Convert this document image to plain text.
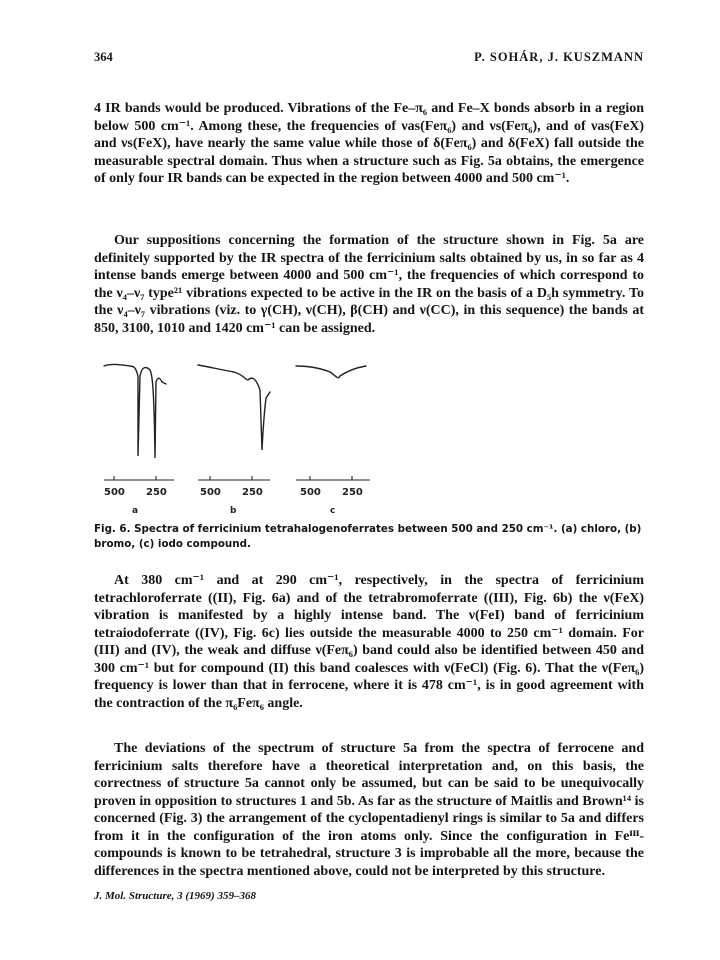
364	P. SOHÁR, J. KUSZMANN

4 IR bands would be produced. Vibrations of the Fe–π₆ and Fe–X bonds absorb in a region below 500 cm⁻¹. Among these, the frequencies of νas(Feπ₆) and νs(Feπ₆), and of νas(FeX) and νs(FeX), have nearly the same value while those of δ(Feπ₆) and δ(FeX) fall outside the measurable spectral domain. Thus when a structure such as Fig. 5a obtains, the emergence of only four IR bands can be expected in the region between 4000 and 500 cm⁻¹.

Our suppositions concerning the formation of the structure shown in Fig. 5a are definitely supported by the IR spectra of the ferricinium salts obtained by us, in so far as 4 intense bands emerge between 4000 and 500 cm⁻¹, the frequencies of which correspond to the ν₄–ν₇ type²¹ vibrations expected to be active in the IR on the basis of a D₅h symmetry. To the ν₄–ν₇ vibrations (viz. to γ(CH), ν(CH), β(CH) and ν(CC), in this sequence) the bands at 850, 3100, 1010 and 1420 cm⁻¹ can be assigned.

500 250	500 250	500 250
a	b	c

Fig. 6. Spectra of ferricinium tetrahalogenoferrates between 500 and 250 cm⁻¹. (a) chloro, (b) bromo, (c) iodo compound.

At 380 cm⁻¹ and at 290 cm⁻¹, respectively, in the spectra of ferricinium tetrachloroferrate ((II), Fig. 6a) and of the tetrabromoferrate ((III), Fig. 6b) the ν(FeX) vibration is manifested by a highly intense band. The ν(FeI) band of ferricinium tetraiodoferrate ((IV), Fig. 6c) lies outside the measurable 4000 to 250 cm⁻¹ domain. For (III) and (IV), the weak and diffuse ν(Feπ₆) band could also be identified between 450 and 300 cm⁻¹ but for compound (II) this band coalesces with ν(FeCl) (Fig. 6). That the ν(Feπ₆) frequency is lower than that in ferrocene, where it is 478 cm⁻¹, is in good agreement with the contraction of the π₆Feπ₆ angle.

The deviations of the spectrum of structure 5a from the spectra of ferrocene and ferricinium salts therefore have a theoretical interpretation and, on this basis, the correctness of structure 5a cannot only be assumed, but can be said to be unequivocally proven in opposition to structures 1 and 5b. As far as the structure of Maitlis and Brown¹⁴ is concerned (Fig. 3) the arrangement of the cyclopentadienyl rings is similar to 5a and differs from it in the configuration of the iron atoms only. Since the configuration in Feᴵᴵᴵ-compounds is known to be tetrahedral, structure 3 is improbable all the more, because the differences in the spectra mentioned above, could not be interpreted by this structure.

J. Mol. Structure, 3 (1969) 359–368
